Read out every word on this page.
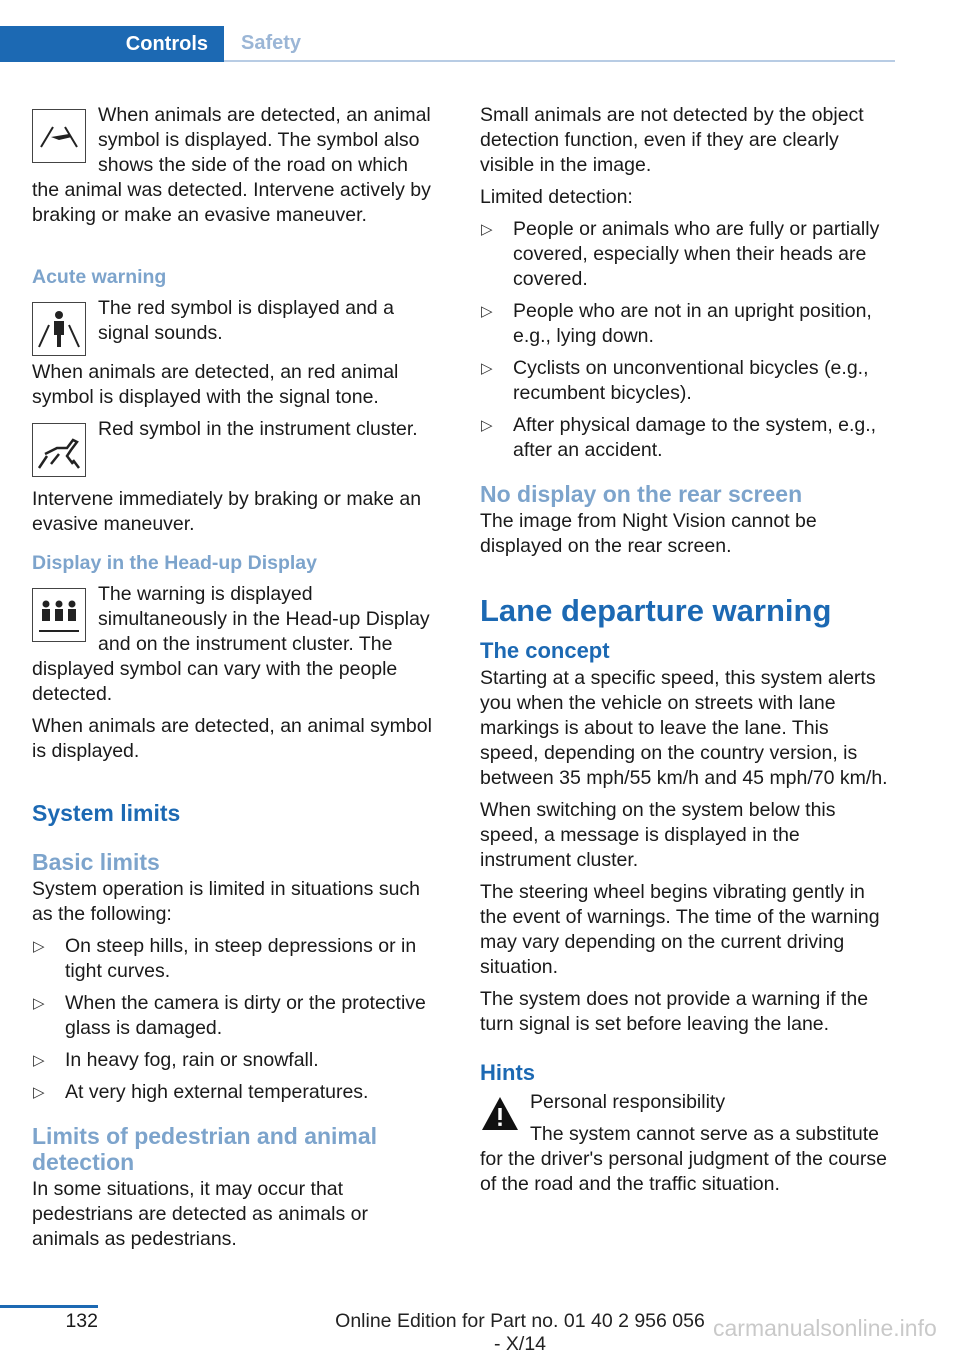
Controls	Safety

When animals are detected, an animal symbol is displayed. The symbol also shows the side of the road on which the animal was detected. Intervene actively by braking or make an evasive maneuver.

Acute warning

The red symbol is displayed and a signal sounds.

When animals are detected, an red animal symbol is displayed with the signal tone.

Red symbol in the instrument cluster.

Intervene immediately by braking or make an evasive maneuver.

Display in the Head-up Display

The warning is displayed simultaneously in the Head-up Display and on the instrument cluster. The displayed symbol can vary with the people detected.

When animals are detected, an animal symbol is displayed.

System limits
Basic limits

System operation is limited in situations such as the following:

▷ On steep hills, in steep depressions or in tight curves.
▷ When the camera is dirty or the protective glass is damaged.
▷ In heavy fog, rain or snowfall.
▷ At very high external temperatures.
Limits of pedestrian and animal detection

In some situations, it may occur that pedestrians are detected as animals or animals as pedestrians.

Small animals are not detected by the object detection function, even if they are clearly visible in the image.

Limited detection:

▷ People or animals who are fully or partially covered, especially when their heads are covered.
▷ People who are not in an upright position, e.g., lying down.
▷ Cyclists on unconventional bicycles (e.g., recumbent bicycles).
▷ After physical damage to the system, e.g., after an accident.
No display on the rear screen

The image from Night Vision cannot be displayed on the rear screen.

Lane departure warning
The concept

Starting at a specific speed, this system alerts you when the vehicle on streets with lane markings is about to leave the lane. This speed, depending on the country version, is between 35 mph/55 km/h and 45 mph/70 km/h.

When switching on the system below this speed, a message is displayed in the instrument cluster.

The steering wheel begins vibrating gently in the event of warnings. The time of the warning may vary depending on the current driving situation.

The system does not provide a warning if the turn signal is set before leaving the lane.

Hints

Personal responsibility

The system cannot serve as a substitute for the driver's personal judgment of the course of the road and the traffic situation.

132	Online Edition for Part no. 01 40 2 956 056 - X/14
carmanualsonline.info
